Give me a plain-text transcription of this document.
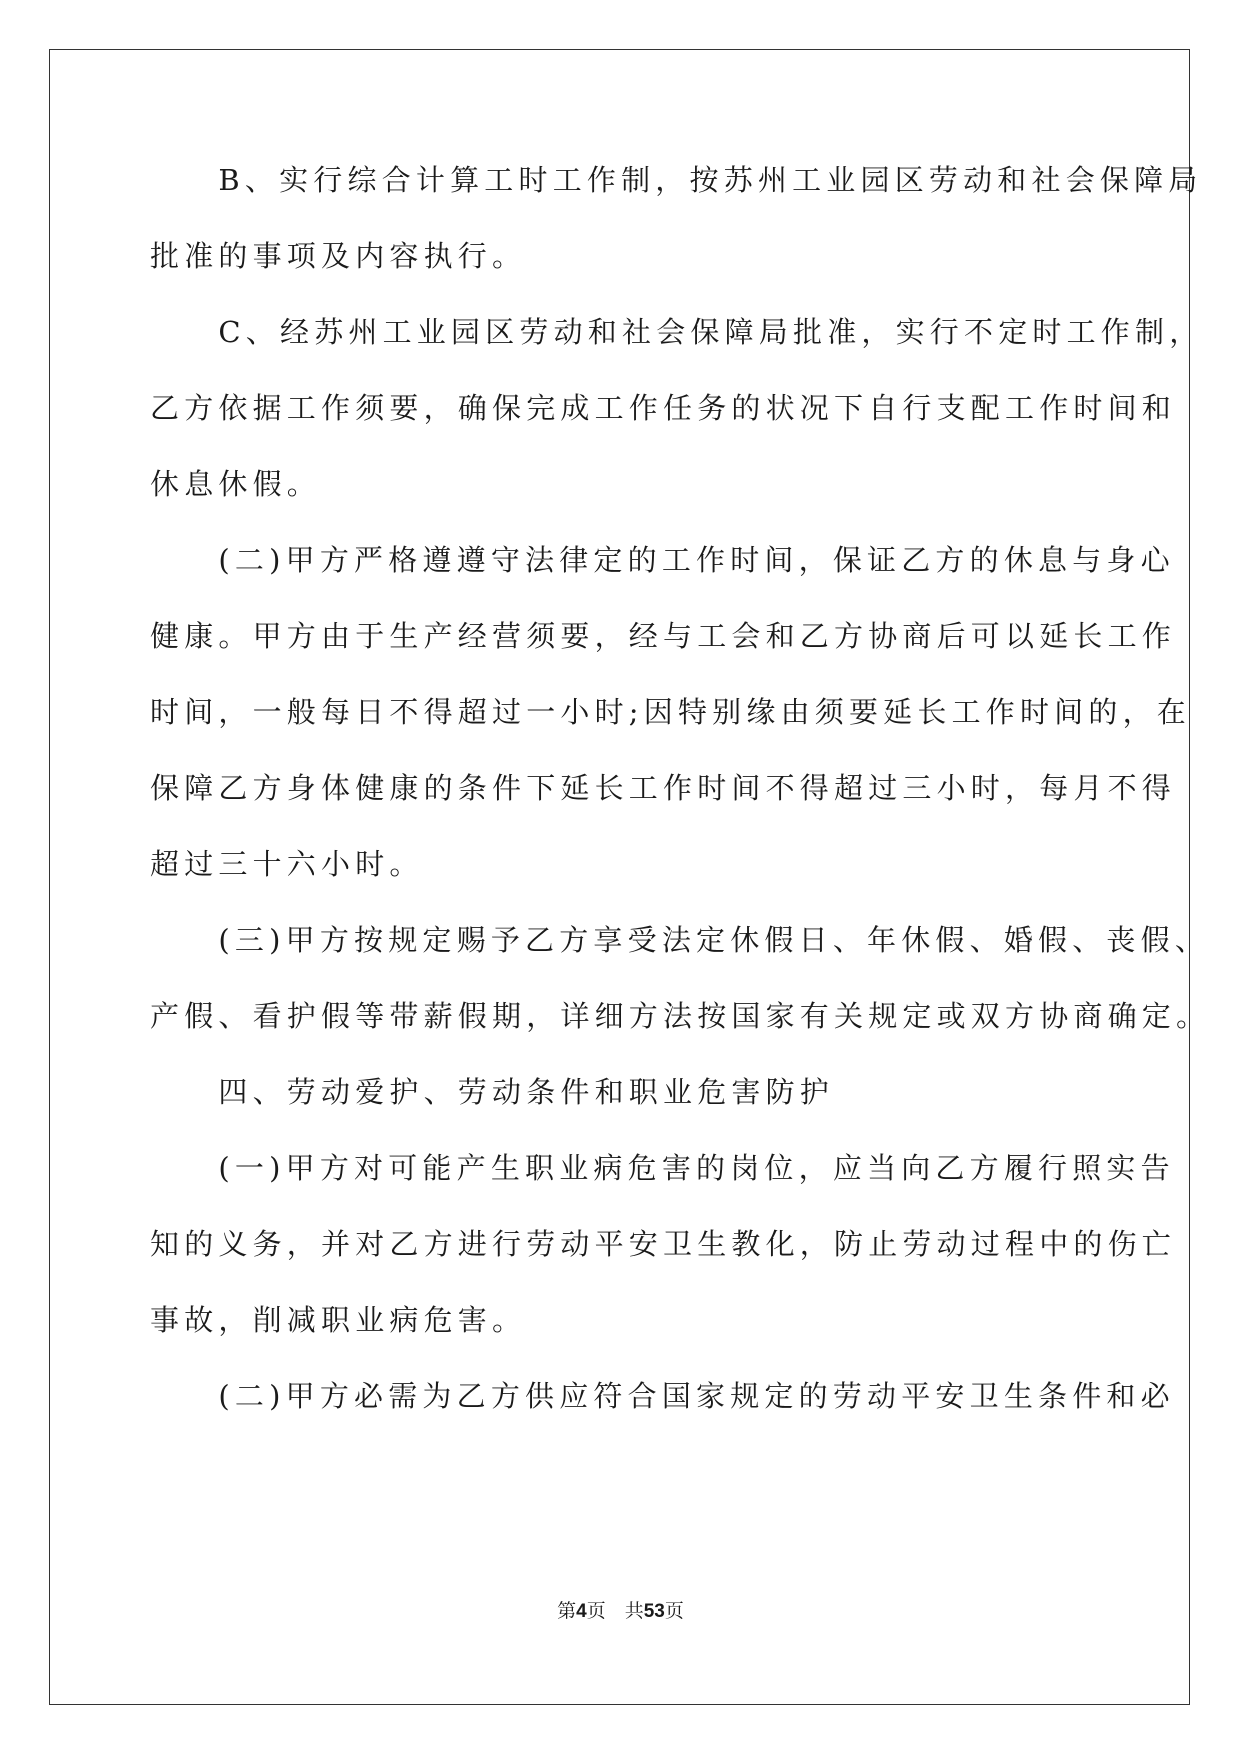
　　B、实行综合计算工时工作制，按苏州工业园区劳动和社会保障局
批准的事项及内容执行。
　　C、经苏州工业园区劳动和社会保障局批准，实行不定时工作制，
乙方依据工作须要，确保完成工作任务的状况下自行支配工作时间和
休息休假。
　　(二)甲方严格遵遵守法律定的工作时间，保证乙方的休息与身心
健康。甲方由于生产经营须要，经与工会和乙方协商后可以延长工作
时间，一般每日不得超过一小时;因特别缘由须要延长工作时间的，在
保障乙方身体健康的条件下延长工作时间不得超过三小时，每月不得
超过三十六小时。
　　(三)甲方按规定赐予乙方享受法定休假日、年休假、婚假、丧假、
产假、看护假等带薪假期，详细方法按国家有关规定或双方协商确定。
　　四、劳动爱护、劳动条件和职业危害防护
　　(一)甲方对可能产生职业病危害的岗位，应当向乙方履行照实告
知的义务，并对乙方进行劳动平安卫生教化，防止劳动过程中的伤亡
事故，削减职业病危害。
　　(二)甲方必需为乙方供应符合国家规定的劳动平安卫生条件和必
第4页　 共53页
